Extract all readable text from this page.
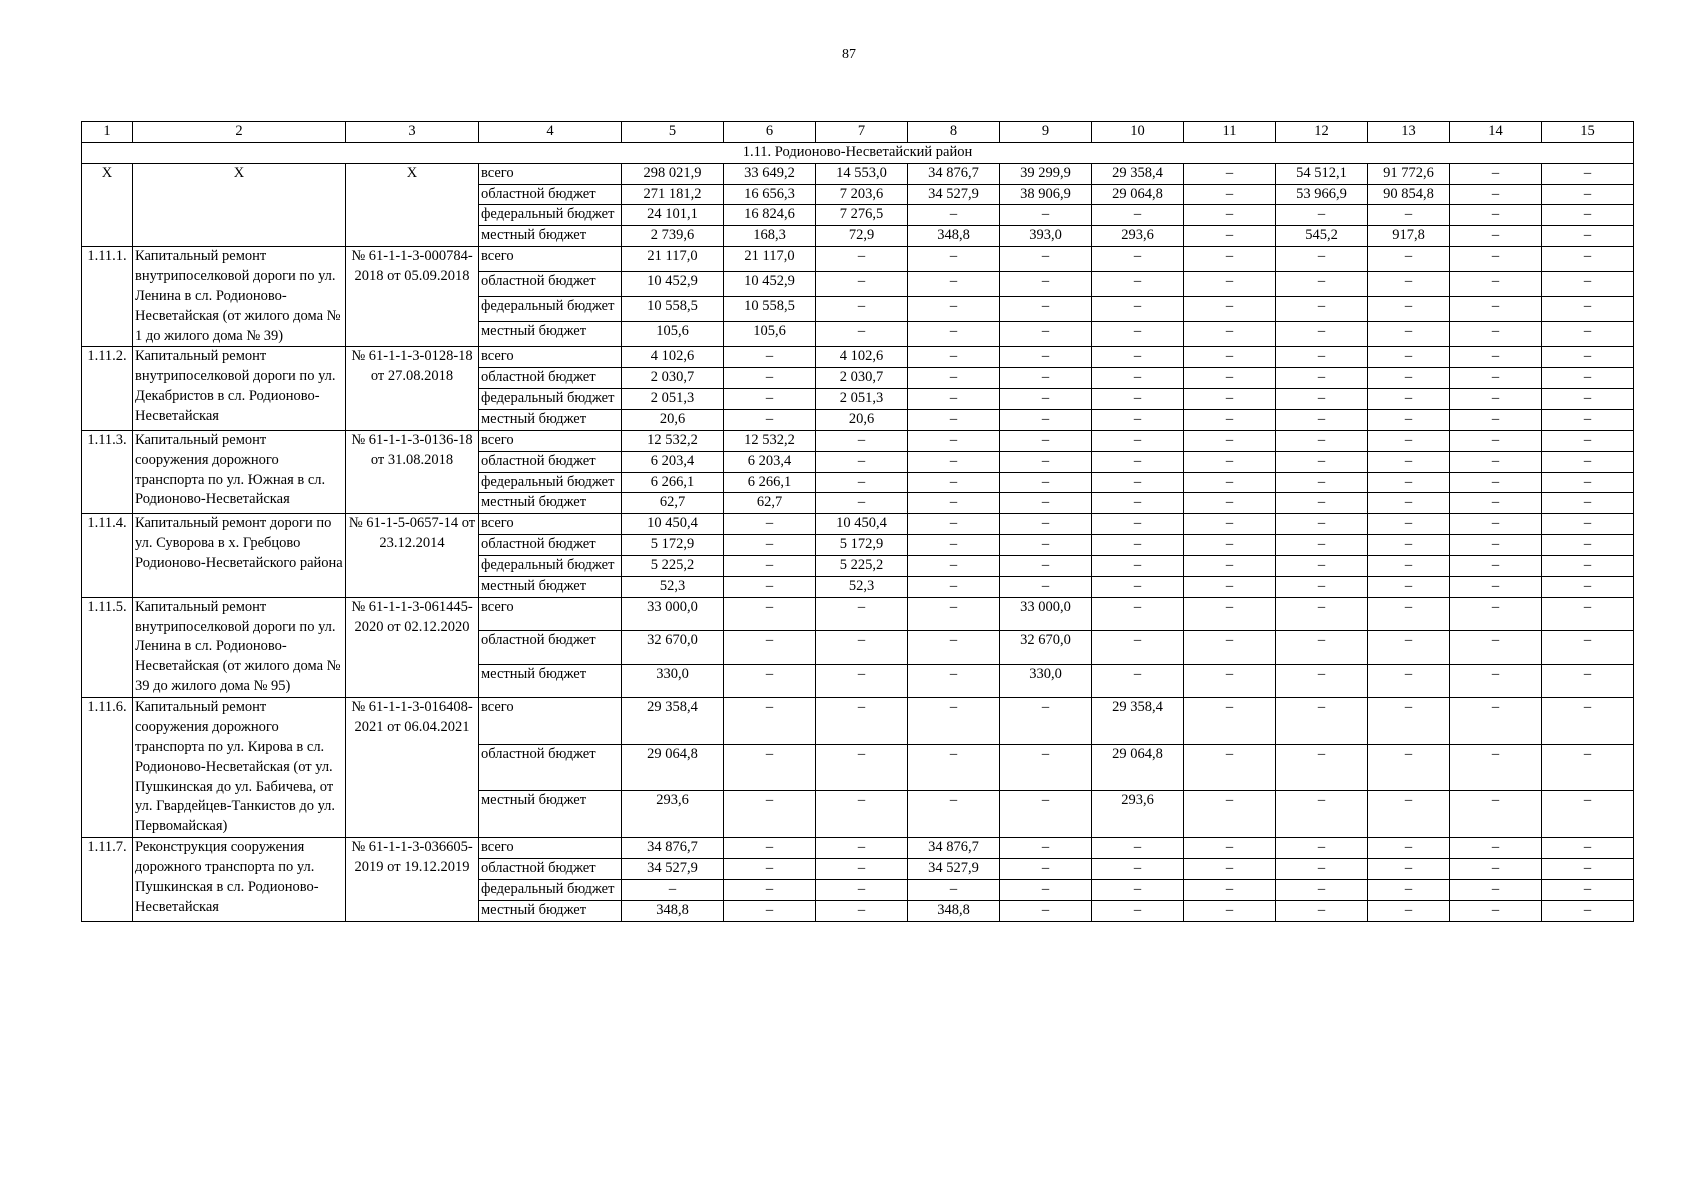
87
1	2	3	4	5	6	7	8	9	10	11	12	13	14	15
1.11. Родионово-Несветайский район														
Х	Х	Х	всего	298 021,9	33 649,2	14 553,0	34 876,7	39 299,9	29 358,4	–	54 512,1	91 772,6	–	–
			областной бюджет	271 181,2	16 656,3	7 203,6	34 527,9	38 906,9	29 064,8	–	53 966,9	90 854,8	–	–
			федеральный бюджет	24 101,1	16 824,6	7 276,5	–	–	–	–	–	–	–	–
			местный бюджет	2 739,6	168,3	72,9	348,8	393,0	293,6	–	545,2	917,8	–	–
1.11.1.	Капитальный ремонт внутрипоселковой дороги по ул. Ленина в сл. Родионово-Несветайская (от жилого дома № 1 до жилого дома № 39)	№ 61-1-1-3-000784-2018 от 05.09.2018	всего	21 117,0	21 117,0	–	–	–	–	–	–	–	–	–
			областной бюджет	10 452,9	10 452,9	–	–	–	–	–	–	–	–	–
			федеральный бюджет	10 558,5	10 558,5	–	–	–	–	–	–	–	–	–
			местный бюджет	105,6	105,6	–	–	–	–	–	–	–	–	–
1.11.2.	Капитальный ремонт внутрипоселковой дороги по ул. Декабристов в сл. Родионово-Несветайская	№ 61-1-1-3-0128-18 от 27.08.2018	всего	4 102,6	–	4 102,6	–	–	–	–	–	–	–	–
			областной бюджет	2 030,7	–	2 030,7	–	–	–	–	–	–	–	–
			федеральный бюджет	2 051,3	–	2 051,3	–	–	–	–	–	–	–	–
			местный бюджет	20,6	–	20,6	–	–	–	–	–	–	–	–
1.11.3.	Капитальный ремонт сооружения дорожного транспорта по ул. Южная в сл. Родионово-Несветайская	№ 61-1-1-3-0136-18 от 31.08.2018	всего	12 532,2	12 532,2	–	–	–	–	–	–	–	–	–
			областной бюджет	6 203,4	6 203,4	–	–	–	–	–	–	–	–	–
			федеральный бюджет	6 266,1	6 266,1	–	–	–	–	–	–	–	–	–
			местный бюджет	62,7	62,7	–	–	–	–	–	–	–	–	–
1.11.4.	Капитальный ремонт дороги по ул. Суворова в х. Гребцово Родионово-Несветайского района	№ 61-1-5-0657-14 от 23.12.2014	всего	10 450,4	–	10 450,4	–	–	–	–	–	–	–	–
			областной бюджет	5 172,9	–	5 172,9	–	–	–	–	–	–	–	–
			федеральный бюджет	5 225,2	–	5 225,2	–	–	–	–	–	–	–	–
			местный бюджет	52,3	–	52,3	–	–	–	–	–	–	–	–
1.11.5.	Капитальный ремонт внутрипоселковой дороги по ул. Ленина в сл. Родионово-Несветайская (от жилого дома № 39 до жилого дома № 95)	№ 61-1-1-3-061445-2020 от 02.12.2020	всего	33 000,0	–	–	–	33 000,0	–	–	–	–	–	–
			областной бюджет	32 670,0	–	–	–	32 670,0	–	–	–	–	–	–
			местный бюджет	330,0	–	–	–	330,0	–	–	–	–	–	–
1.11.6.	Капитальный ремонт сооружения дорожного транспорта по ул. Кирова в сл. Родионово-Несветайская (от ул. Пушкинская до ул. Бабичева, от ул. Гвардейцев-Танкистов до ул. Первомайская)	№ 61-1-1-3-016408-2021 от 06.04.2021	всего	29 358,4	–	–	–	–	29 358,4	–	–	–	–	–
			областной бюджет	29 064,8	–	–	–	–	29 064,8	–	–	–	–	–
			местный бюджет	293,6	–	–	–	–	293,6	–	–	–	–	–
1.11.7.	Реконструкция сооружения дорожного транспорта по ул. Пушкинская в сл. Родионово-Несветайская	№ 61-1-1-3-036605-2019 от 19.12.2019	всего	34 876,7	–	–	34 876,7	–	–	–	–	–	–	–
			областной бюджет	34 527,9	–	–	34 527,9	–	–	–	–	–	–	–
			федеральный бюджет	–	–	–	–	–	–	–	–	–	–	–
			местный бюджет	348,8	–	–	348,8	–	–	–	–	–	–	–
